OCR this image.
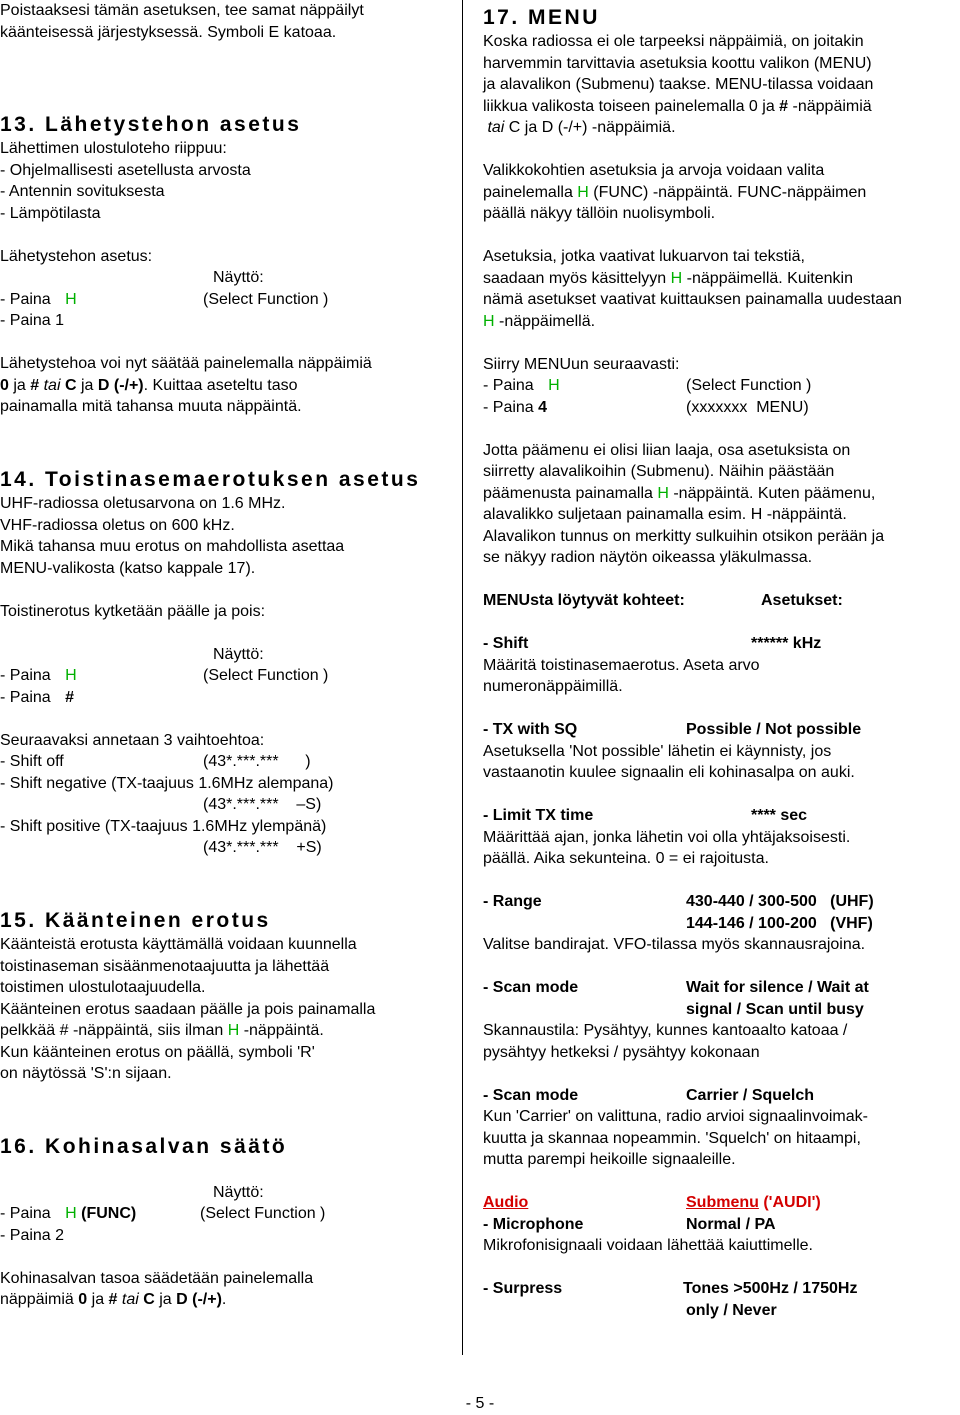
Poistaaksesi tämän asetuksen, tee samat näppäilyt
käänteisessä järjestyksessä. Symboli E katoaa.
13. Lähetystehon asetus
Lähettimen ulostuloteho riippuu:
- Ohjelmallisesti asetellusta arvosta
- Antennin sovituksesta
- Lämpötilasta
Lähetystehon asetus:
Näyttö:
- Paina H	(Select Function )
- Paina 1
Lähetystehoa voi nyt säätää painelemalla näppäimiä
0 ja # tai C ja D (-/+). Kuittaa aseteltu taso
painamalla mitä tahansa muuta näppäintä.
14. Toistinasemaerotuksen asetus
UHF-radiossa oletusarvona on 1.6 MHz.
VHF-radiossa oletus on 600 kHz.
Mikä tahansa muu erotus on mahdollista asettaa
MENU-valikosta (katso kappale 17).
Toistinerotus kytketään päälle ja pois:
Näyttö:
- Paina H	(Select Function )
- Paina #
Seuraavaksi annetaan 3 vaihtoehtoa:
- Shift off	(43*.***.***      )
- Shift negative (TX-taajuus 1.6MHz alempana)
(43*.***.***    –S)
- Shift positive (TX-taajuus 1.6MHz ylempänä)
(43*.***.***    +S)
15. Käänteinen erotus
Käänteistä erotusta käyttämällä voidaan kuunnella
toistinaseman sisäänmenotaajuutta ja lähettää
toistimen ulostulotaajuudella.
Käänteinen erotus saadaan päälle ja pois painamalla
pelkkää # -näppäintä, siis ilman H -näppäintä.
Kun käänteinen erotus on päällä, symboli 'R'
on näytössä 'S':n sijaan.
16. Kohinasalvan säätö
Näyttö:
- Paina H (FUNC)	(Select Function )
- Paina 2
Kohinasalvan tasoa säädetään painelemalla
näppäimiä 0 ja # tai C ja D (-/+).
17. MENU
Koska radiossa ei ole tarpeeksi näppäimiä, on joitakin
harvemmin tarvittavia asetuksia koottu valikon (MENU)
ja alavalikon (Submenu) taakse. MENU-tilassa voidaan
liikkua valikosta toiseen painelemalla 0 ja # -näppäimiä
tai C ja D (-/+) -näppäimiä.
Valikkokohtien asetuksia ja arvoja voidaan valita
painelemalla H (FUNC) -näppäintä. FUNC-näppäimen
päällä näkyy tällöin nuolisymboli.
Asetuksia, jotka vaativat lukuarvon tai tekstiä,
saadaan myös käsittelyyn H -näppäimellä. Kuitenkin
nämä asetukset vaativat kuittauksen painamalla uudestaan
H -näppäimellä.
Siirry MENUun seuraavasti:
- Paina H	(Select Function )
- Paina 4	(xxxxxxx  MENU)
Jotta päämenu ei olisi liian laaja, osa asetuksista on
siirretty alavalikoihin (Submenu). Näihin päästään
päämenusta painamalla H -näppäintä. Kuten päämenu,
alavalikko suljetaan painamalla esim. H -näppäintä.
Alavalikon tunnus on merkitty sulkuihin otsikon perään ja
se näkyy radion näytön oikeassa yläkulmassa.
MENUsta löytyvät kohteet:	Asetukset:
- Shift	****** kHz
Määritä toistinasemaerotus. Aseta arvo
numeronäppäimillä.
- TX with SQ	Possible / Not possible
Asetuksella 'Not possible' lähetin ei käynnisty, jos
vastaanotin kuulee signaalin eli kohinasalpa on auki.
- Limit TX time	**** sec
Määrittää ajan, jonka lähetin voi olla yhtäjaksoisesti.
päällä. Aika sekunteina. 0 = ei rajoitusta.
- Range	430-440 / 300-500   (UHF)
144-146 / 100-200   (VHF)
Valitse bandirajat. VFO-tilassa myös skannausrajoina.
- Scan mode	Wait for silence / Wait at
signal / Scan until busy
Skannaustila: Pysähtyy, kunnes kantoaalto katoaa /
pysähtyy hetkeksi / pysähtyy kokonaan
- Scan mode	Carrier / Squelch
Kun 'Carrier' on valittuna, radio arvioi signaalinvoimak-
kuutta ja skannaa nopeammin. 'Squelch' on hitaampi,
mutta parempi heikoille signaaleille.
Audio	Submenu ('AUDI')
- Microphone	Normal / PA
Mikrofonisignaali voidaan lähettää kaiuttimelle.
- Surpress	Tones >500Hz / 1750Hz
only / Never
- 5 -
